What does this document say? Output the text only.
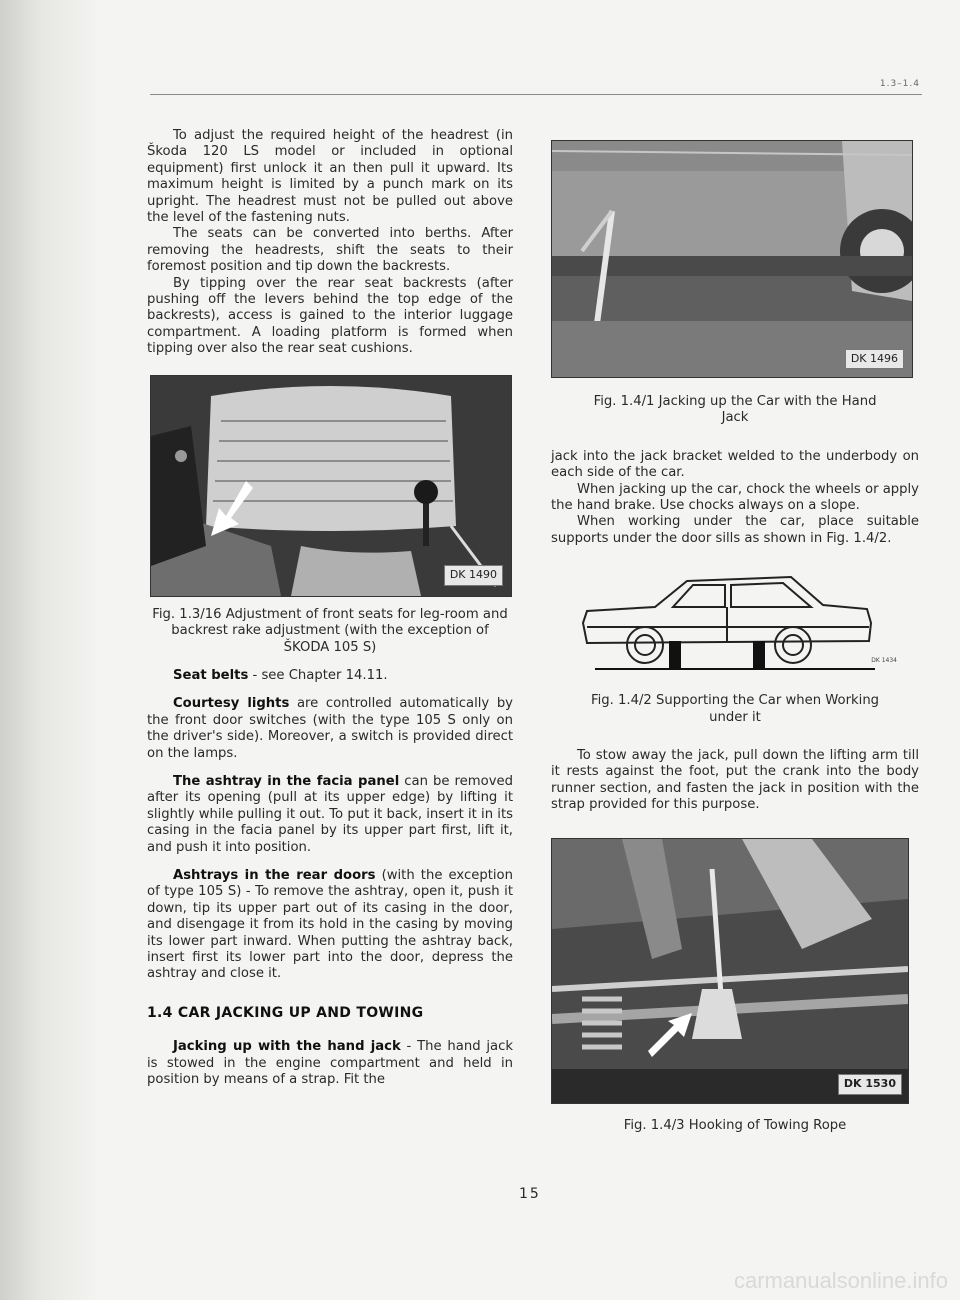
1.3–1.4

To adjust the required height of the headrest (in Škoda 120 LS model or included in optional equipment) first unlock it an then pull it upward. Its maximum height is limited by a punch mark on its upright. The headrest must not be pulled out above the level of the fastening nuts.

The seats can be converted into berths. After removing the headrests, shift the seats to their foremost position and tip down the backrests.

By tipping over the rear seat backrests (after pushing off the levers behind the top edge of the backrests), access is gained to the interior luggage compartment. A loading platform is formed when tipping over also the rear seat cushions.

DK 1490
Fig. 1.3/16 Adjustment of front seats for leg-room and backrest rake adjustment (with the exception of ŠKODA 105 S)

Seat belts - see Chapter 14.11.

Courtesy lights are controlled automatically by the front door switches (with the type 105 S only on the driver's side). Moreover, a switch is provided direct on the lamps.

The ashtray in the facia panel can be removed after its opening (pull at its upper edge) by lifting it slightly while pulling it out. To put it back, insert it in its casing in the facia panel by its upper part first, lift it, and push it into position.

Ashtrays in the rear doors (with the exception of type 105 S) - To remove the ashtray, open it, push it down, tip its upper part out of its casing in the door, and disengage it from its hold in the casing by moving its lower part inward. When putting the ashtray back, insert first its lower part into the door, depress the ashtray and close it.

1.4 CAR JACKING UP AND TOWING

Jacking up with the hand jack - The hand jack is stowed in the engine compartment and held in position by means of a strap. Fit the

DK 1496
Fig. 1.4/1 Jacking up the Car with the Hand Jack

jack into the jack bracket welded to the underbody on each side of the car.

When jacking up the car, chock the wheels or apply the hand brake. Use chocks always on a slope.

When working under the car, place suitable supports under the door sills as shown in Fig. 1.4/2.

DK 1434
Fig. 1.4/2 Supporting the Car when Working under it

To stow away the jack, pull down the lifting arm till it rests against the foot, put the crank into the body runner section, and fasten the jack in position with the strap provided for this purpose.

DK 1530
Fig. 1.4/3 Hooking of Towing Rope
15
carmanualsonline.info
